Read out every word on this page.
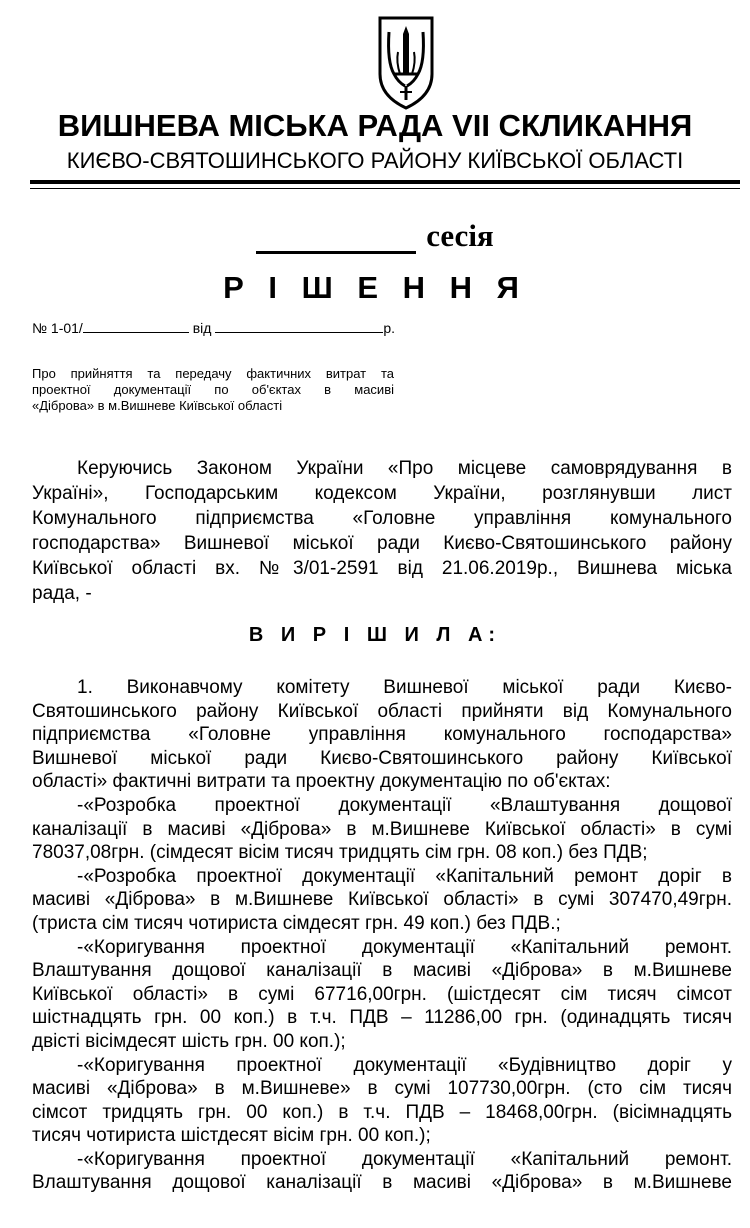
ВИШНЕВА МІСЬКА РАДА VII СКЛИКАННЯ
КИЄВО-СВЯТОШИНСЬКОГО РАЙОНУ КИЇВСЬКОЇ ОБЛАСТІ
сесія
Р І Ш Е Н Н Я
№ 1-01/	від	р.
Про прийняття та передачу фактичних витрат та
проектної документації по об'єктах в масиві
«Діброва» в м.Вишневе Київської області
Керуючись Законом України «Про місцеве самоврядування в
Україні», Господарським кодексом України, розглянувши лист
Комунального підприємства «Головне управління комунального
господарства» Вишневої міської ради Києво-Святошинського району
Київської області вх. №3/01-2591 від 21.06.2019р., Вишнева міська
рада, -
В И Р І Ш И Л А:
1. Виконавчому комітету Вишневої міської ради Києво-
Святошинського району Київської області прийняти від Комунального
підприємства «Головне управління комунального господарства»
Вишневої міської ради Києво-Святошинського району Київської
області» фактичні витрати та проектну документацію по об'єктах:
-«Розробка проектної документації «Влаштування дощової
каналізації в масиві «Діброва» в м.Вишневе Київської області» в сумі
78037,08грн. (сімдесят вісім тисяч тридцять сім грн. 08 коп.) без ПДВ;
-«Розробка проектної документації «Капітальний ремонт доріг в
масиві «Діброва» в м.Вишневе Київської області» в сумі 307470,49грн.
(триста сім тисяч чотириста сімдесят грн. 49 коп.) без ПДВ.;
-«Коригування проектної документації «Капітальний ремонт.
Влаштування дощової каналізації в масиві «Діброва» в м.Вишневе
Київської області» в сумі 67716,00грн. (шістдесят сім тисяч сімсот
шістнадцять грн. 00 коп.) в т.ч. ПДВ – 11286,00 грн. (одинадцять тисяч
двісті вісімдесят шість грн. 00 коп.);
-«Коригування проектної документації «Будівництво доріг у
масиві «Діброва» в м.Вишневе» в сумі 107730,00грн. (сто сім тисяч
сімсот тридцять грн. 00 коп.) в т.ч. ПДВ – 18468,00грн. (вісімнадцять
тисяч чотириста шістдесят вісім грн. 00 коп.);
-«Коригування проектної документації «Капітальний ремонт.
Влаштування дощової каналізації в масиві «Діброва» в м.Вишневе
